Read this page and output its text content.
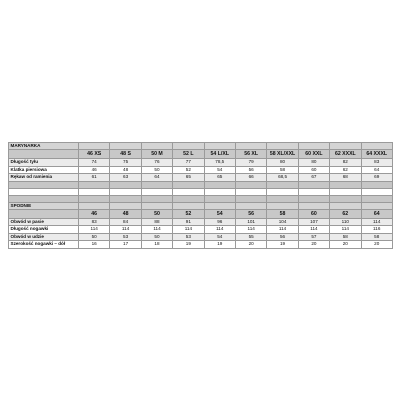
MARYNARKA										
	46 XS	48 S	50 M	52 L	54 L/XL	56 XL	58 XL/XXL	60 XXL	62 XXXL	64 XXXL
Długość tyłu	74	75	76	77	78,5	79	80	80	82	83
Klatka piersiowa	46	48	50	52	54	56	58	60	62	64
Rękaw od ramienia	61	63	64	65	65	66	68,5	67	68	69

SPODNIE										
	46	48	50	52	54	56	58	60	62	64
Obwód w pasie	83	84	88	91	96	101	104	107	110	114
Długość nogawki	114	114	114	114	114	114	114	114	114	116
Obwód w udzie	50	53	50	53	54	55	56	57	58	58
Szerokość nogawki – dół	16	17	18	19	19	20	19	20	20	20
